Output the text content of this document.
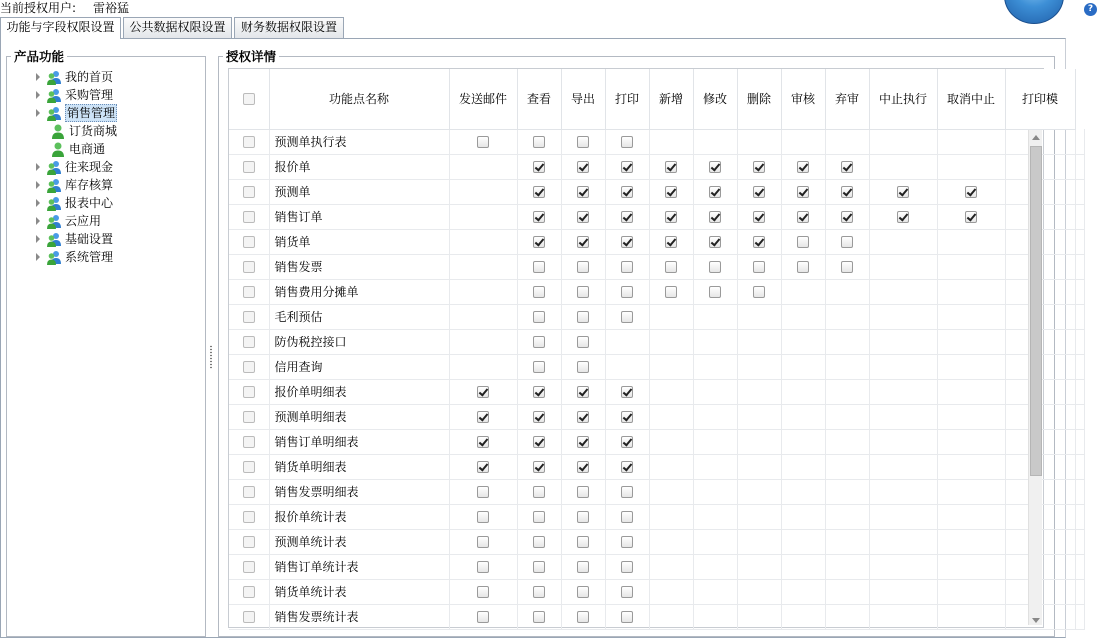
当前授权用户: 雷裕猛	?
功能与字段权限设置	公共数据权限设置	财务数据权限设置
产品功能
我的首页
采购管理
销售管理
订货商城
电商通
往来现金
库存核算
报表中心
云应用
基础设置
系统管理
授权详情
	功能点名称	发送邮件	查看	导出	打印	新增	修改	删除	审核	弃审	中止执行	取消中止	打印模	
	预测单执行表													
	报价单													
	预测单													
	销售订单													
	销货单													
	销售发票													
	销售费用分摊单													
	毛利预估													
	防伪税控接口													
	信用查询													
	报价单明细表													
	预测单明细表													
	销售订单明细表													
	销货单明细表													
	销售发票明细表													
	报价单统计表													
	预测单统计表													
	销售订单统计表													
	销货单统计表													
	销售发票统计表													
